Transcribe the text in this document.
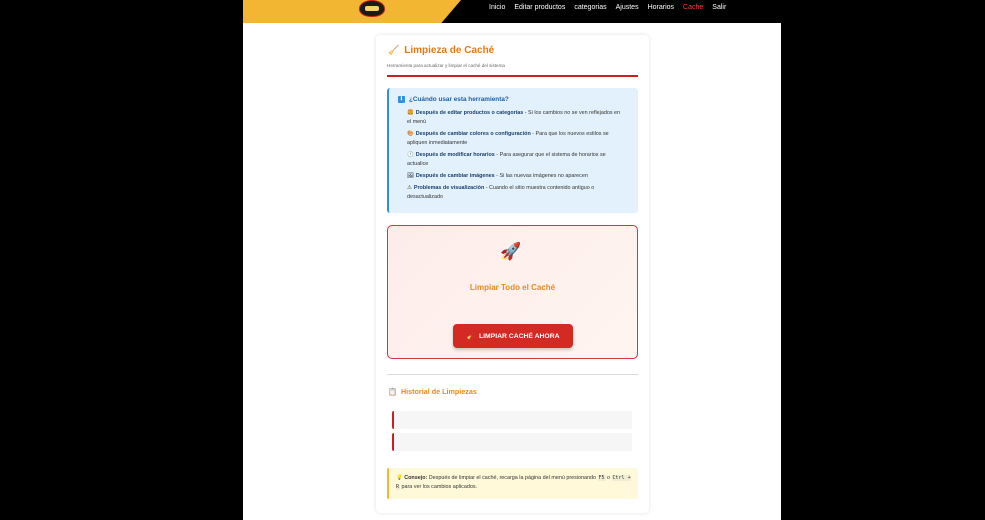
Inicio Editar productos categorias Ajustes Horarios Cache Salir
🧹 Limpieza de Caché
Herramienta para actualizar y limpiar el caché del sistema
ℹ	¿Cuándo usar esta herramienta?
🍔 Después de editar productos o categorías - Si los cambios no se ven reflejados en el menú
🎨 Después de cambiar colores o configuración - Para que los nuevos estilos se apliquen inmediatamente
🕐 Después de modificar horarios - Para asegurar que el sistema de horarios se actualice
🖼 Después de cambiar imágenes - Si las nuevas imágenes no aparecen
⚠ Problemas de visualización - Cuando el sitio muestra contenido antiguo o desactualizado
🚀
Limpiar Todo el Caché
🧹 LIMPIAR CACHÉ AHORA
📋 Historial de Limpiezas
💡 Consejo: Después de limpiar el caché, recarga la página del menú presionando F5 o Ctrl + R para ver los cambios aplicados.
